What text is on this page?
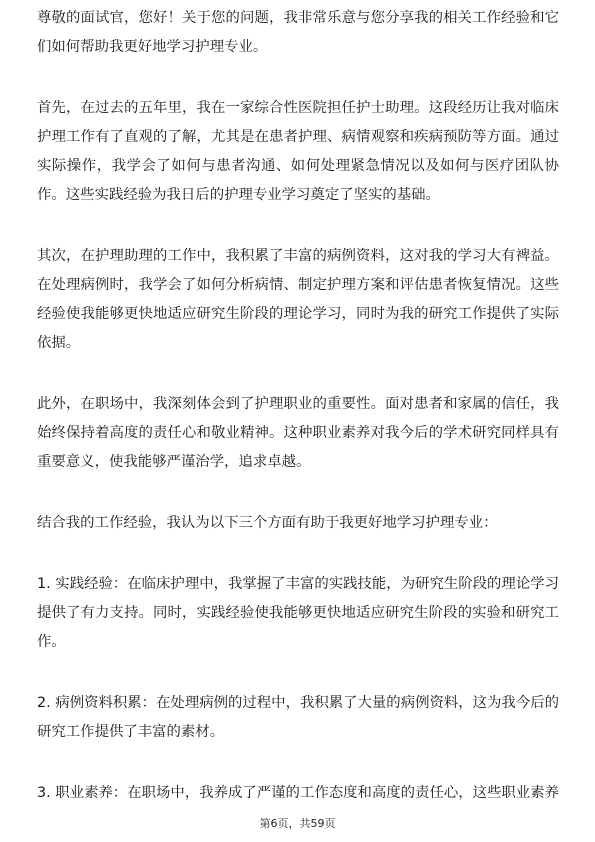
尊敬的面试官，您好！关于您的问题，我非常乐意与您分享我的相关工作经验和它们如何帮助我更好地学习护理专业。

首先，在过去的五年里，我在一家综合性医院担任护士助理。这段经历让我对临床护理工作有了直观的了解，尤其是在患者护理、病情观察和疾病预防等方面。通过实际操作，我学会了如何与患者沟通、如何处理紧急情况以及如何与医疗团队协作。这些实践经验为我日后的护理专业学习奠定了坚实的基础。

其次，在护理助理的工作中，我积累了丰富的病例资料，这对我的学习大有裨益。在处理病例时，我学会了如何分析病情、制定护理方案和评估患者恢复情况。这些经验使我能够更快地适应研究生阶段的理论学习，同时为我的研究工作提供了实际依据。

此外，在职场中，我深刻体会到了护理职业的重要性。面对患者和家属的信任，我始终保持着高度的责任心和敬业精神。这种职业素养对我今后的学术研究同样具有重要意义，使我能够严谨治学，追求卓越。

结合我的工作经验，我认为以下三个方面有助于我更好地学习护理专业：

1. 实践经验：在临床护理中，我掌握了丰富的实践技能，为研究生阶段的理论学习提供了有力支持。同时，实践经验使我能够更快地适应研究生阶段的实验和研究工作。

2. 病例资料积累：在处理病例的过程中，我积累了大量的病例资料，这为我今后的研究工作提供了丰富的素材。

3. 职业素养：在职场中，我养成了严谨的工作态度和高度的责任心，这些职业素养

第6页，共59页
